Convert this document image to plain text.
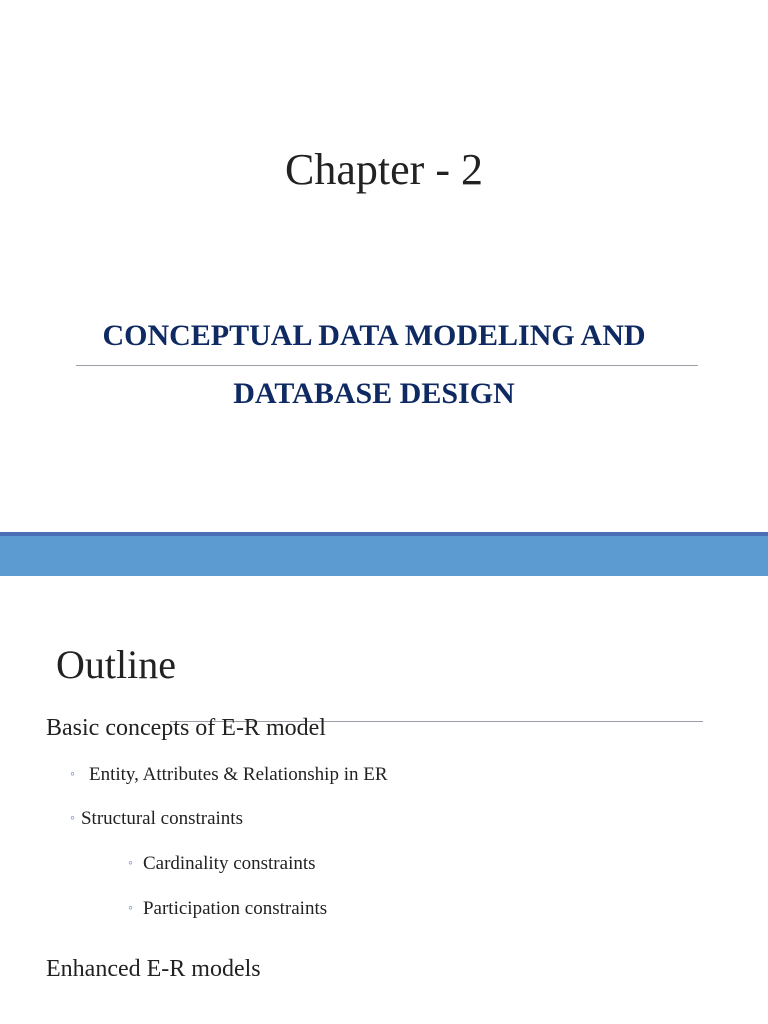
Chapter - 2
CONCEPTUAL DATA MODELING AND
DATABASE DESIGN
Outline
Basic concepts of E-R model
◦ Entity, Attributes & Relationship in ER
◦ Structural constraints
◦ Cardinality constraints
◦ Participation constraints
Enhanced E-R models
